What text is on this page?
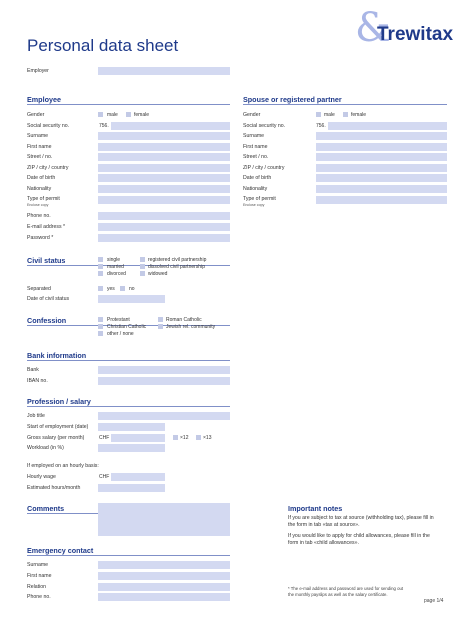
Personal data sheet	&
Trewitax
Employer
Employee
Gender	male	female
Social security no.	756.
Surname
First name
Street / no.
ZIP / city / country
Date of birth
Nationality
Type of permit
Enclose copy
Phone no.
E-mail address *
Password *
Spouse or registered partner
Gender	male	female
Social security no.	756.
Surname
First name
Street / no.
ZIP / city / country
Date of birth
Nationality
Type of permit
Enclose copy
Civil status	single
married
divorced
registered civil partnership
dissolved civil partnership
widowed
Separated	yes	no
Date of civil status
Confession	Protestant
Christian Catholic
other / none
Roman Catholic
Jewish rel. community
Bank information
Bank
IBAN no.
Profession / salary
Job title
Start of employment (date)
Gross salary (per month)	CHF	×12	×13
Workload (in %)
If employed on an hourly basis:
Hourly wage	CHF
Estimated hours/month
Comments	Important notes
If you are subject to tax at source (withholding tax), please fill in the form in tab «tax at source».
If you would like to apply for child allowances, please fill in the form in tab «child allowances».
Emergency contact
Surname
First name
Relation
Phone no.
* The e-mail address and password are used for sending out the monthly payslips as well as the salary certificate.
page 1/4
